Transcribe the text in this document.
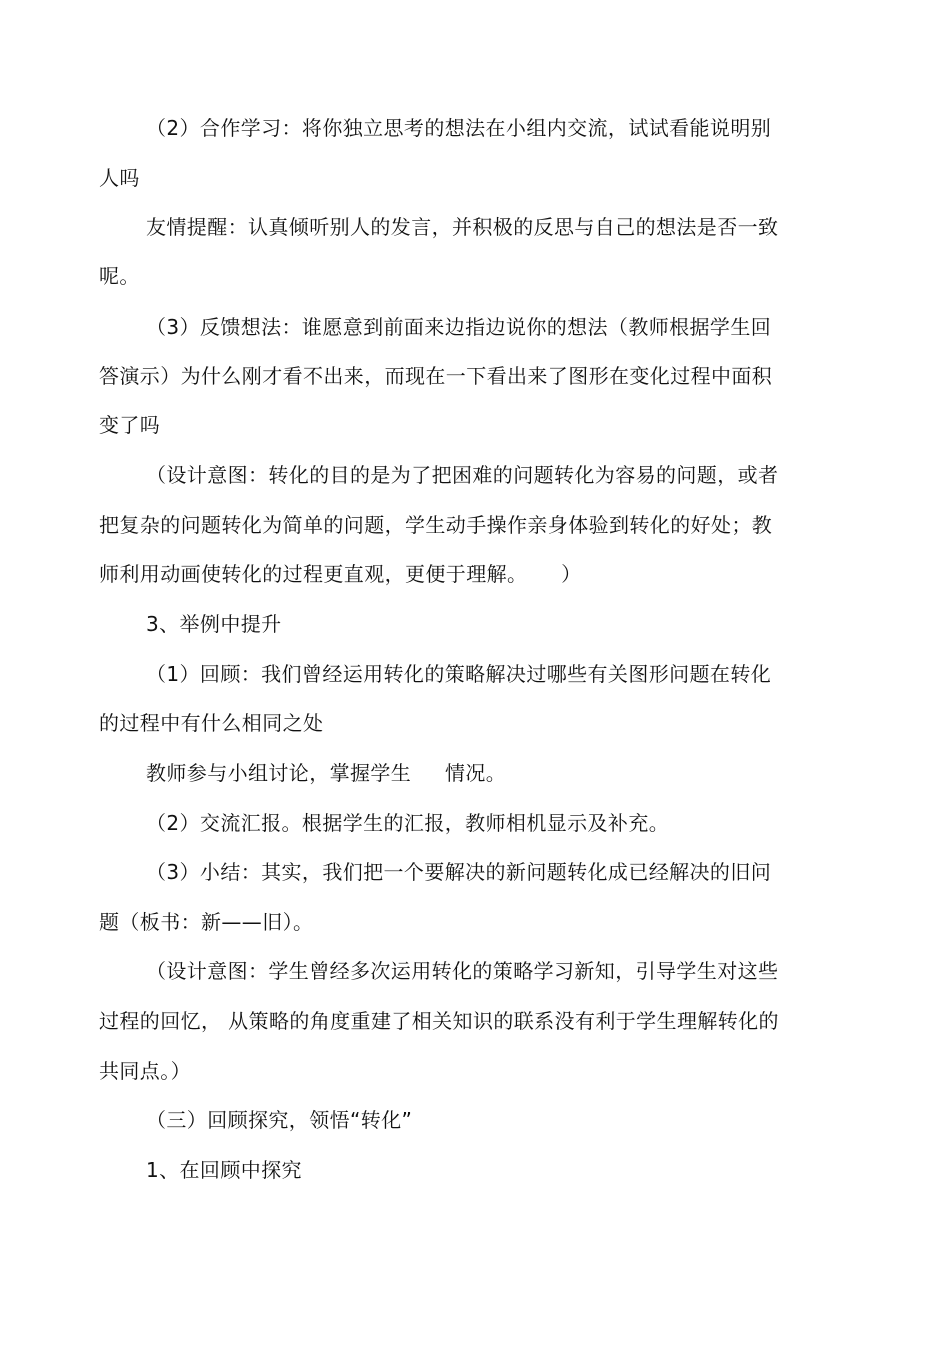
（2）合作学习：将你独立思考的想法在小组内交流，试试看能说明别
人吗
友情提醒：认真倾听别人的发言，并积极的反思与自己的想法是否一致
呢。
（3）反馈想法：谁愿意到前面来边指边说你的想法（教师根据学生回
答演示）为什么刚才看不出来，而现在一下看出来了图形在变化过程中面积
变了吗
（设计意图：转化的目的是为了把困难的问题转化为容易的问题，或者
把复杂的问题转化为简单的问题，学生动手操作亲身体验到转化的好处；教
师利用动画使转化的过程更直观，更便于理解。     ）
3、举例中提升
（1）回顾：我们曾经运用转化的策略解决过哪些有关图形问题在转化
的过程中有什么相同之处
教师参与小组讨论，掌握学生     情况。
（2）交流汇报。根据学生的汇报，教师相机显示及补充。
（3）小结：其实，我们把一个要解决的新问题转化成已经解决的旧问
题（板书：新——旧）。
（设计意图：学生曾经多次运用转化的策略学习新知，引导学生对这些
过程的回忆， 从策略的角度重建了相关知识的联系没有利于学生理解转化的
共同点。）
（三）回顾探究，领悟“转化”
1、在回顾中探究
